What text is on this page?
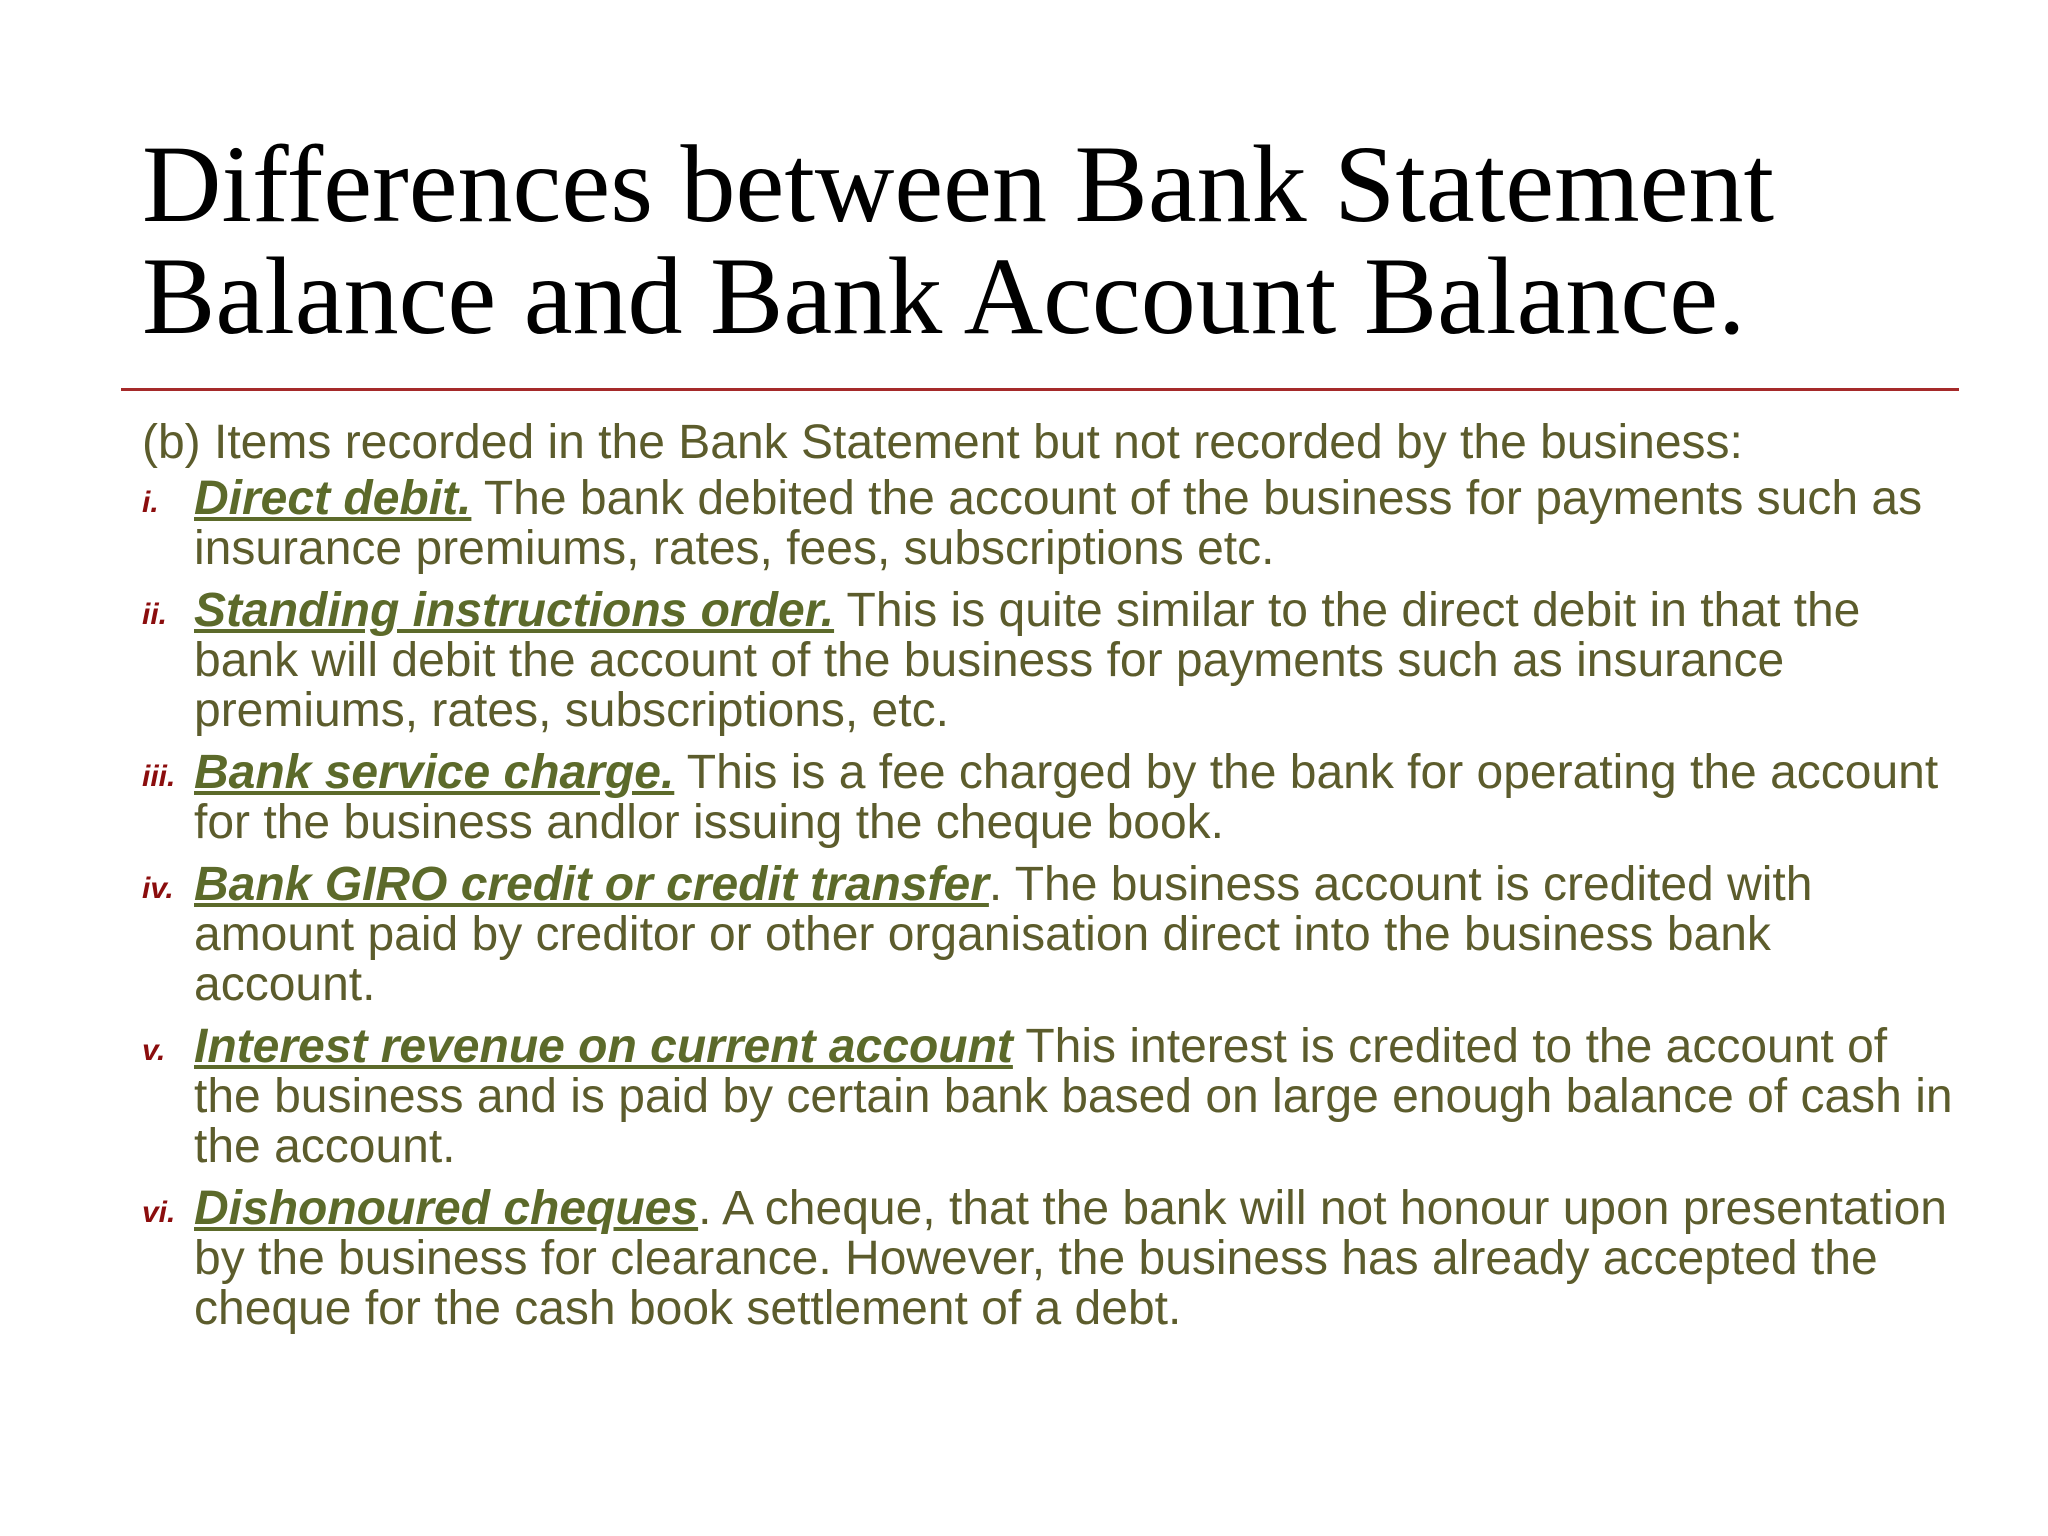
Differences between Bank Statement
Balance and Bank Account Balance.

(b) Items recorded in the Bank Statement but not recorded by the business:

i. Direct debit. The bank debited the account of the business for payments such as insurance premiums, rates, fees, subscriptions etc.
ii. Standing instructions order. This is quite similar to the direct debit in that the bank will debit the account of the business for payments such as insurance premiums, rates, subscriptions, etc.
iii. Bank service charge. This is a fee charged by the bank for operating the account for the business andlor issuing the cheque book.
iv. Bank GIRO credit or credit transfer. The business account is credited with amount paid by creditor or other organisation direct into the business bank account.
v. Interest revenue on current account This interest is credited to the account of the business and is paid by certain bank based on large enough balance of cash in the account.
vi. Dishonoured cheques. A cheque, that the bank will not honour upon presentation by the business for clearance. However, the business has already accepted the cheque for the cash book settlement of a debt.
